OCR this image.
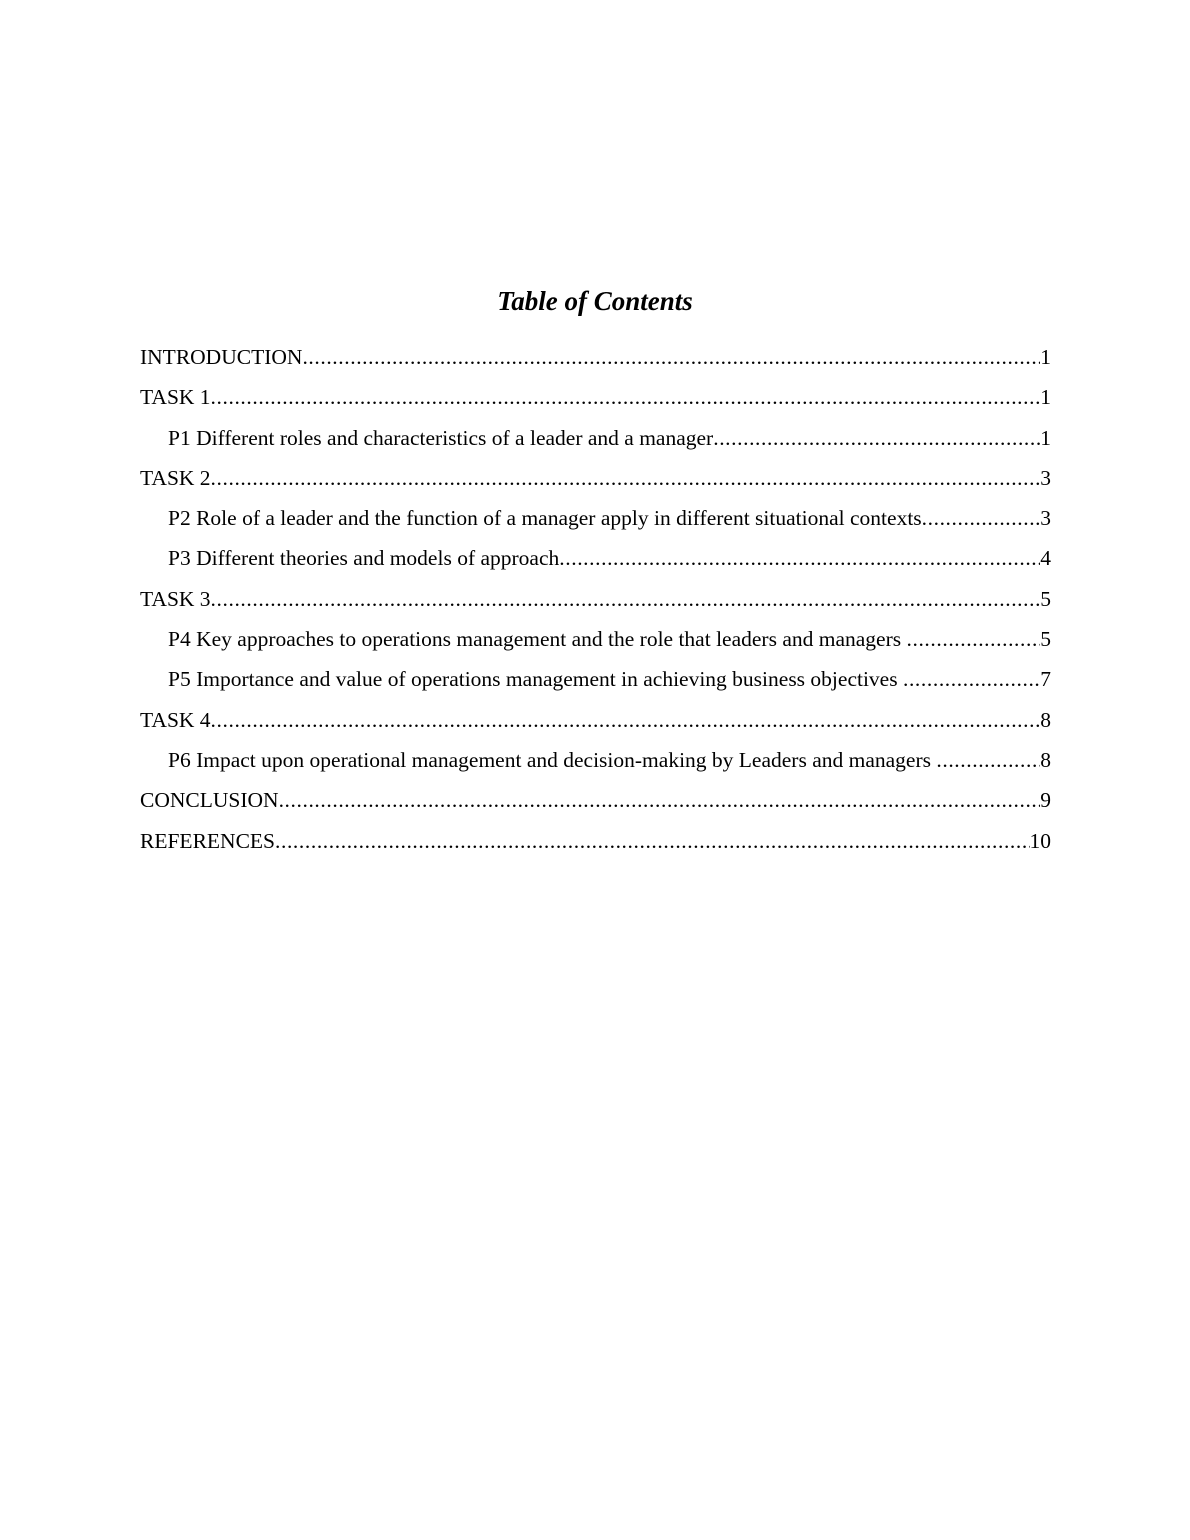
Table of Contents
INTRODUCTION .....	1
TASK 1 .....	1
P1 Different roles and characteristics of a leader and a manager .....	1
TASK 2 .....	3
P2 Role of a leader and the function of a manager apply in different situational contexts .....	3
P3 Different theories and models of approach .....	4
TASK 3 .....	5
P4 Key approaches to operations management and the role that leaders and managers .....	5
P5 Importance and value of operations management in achieving business objectives .....	7
TASK 4 .....	8
P6 Impact upon operational management and decision-making by Leaders and managers .....	8
CONCLUSION .....	9
REFERENCES .....	10
